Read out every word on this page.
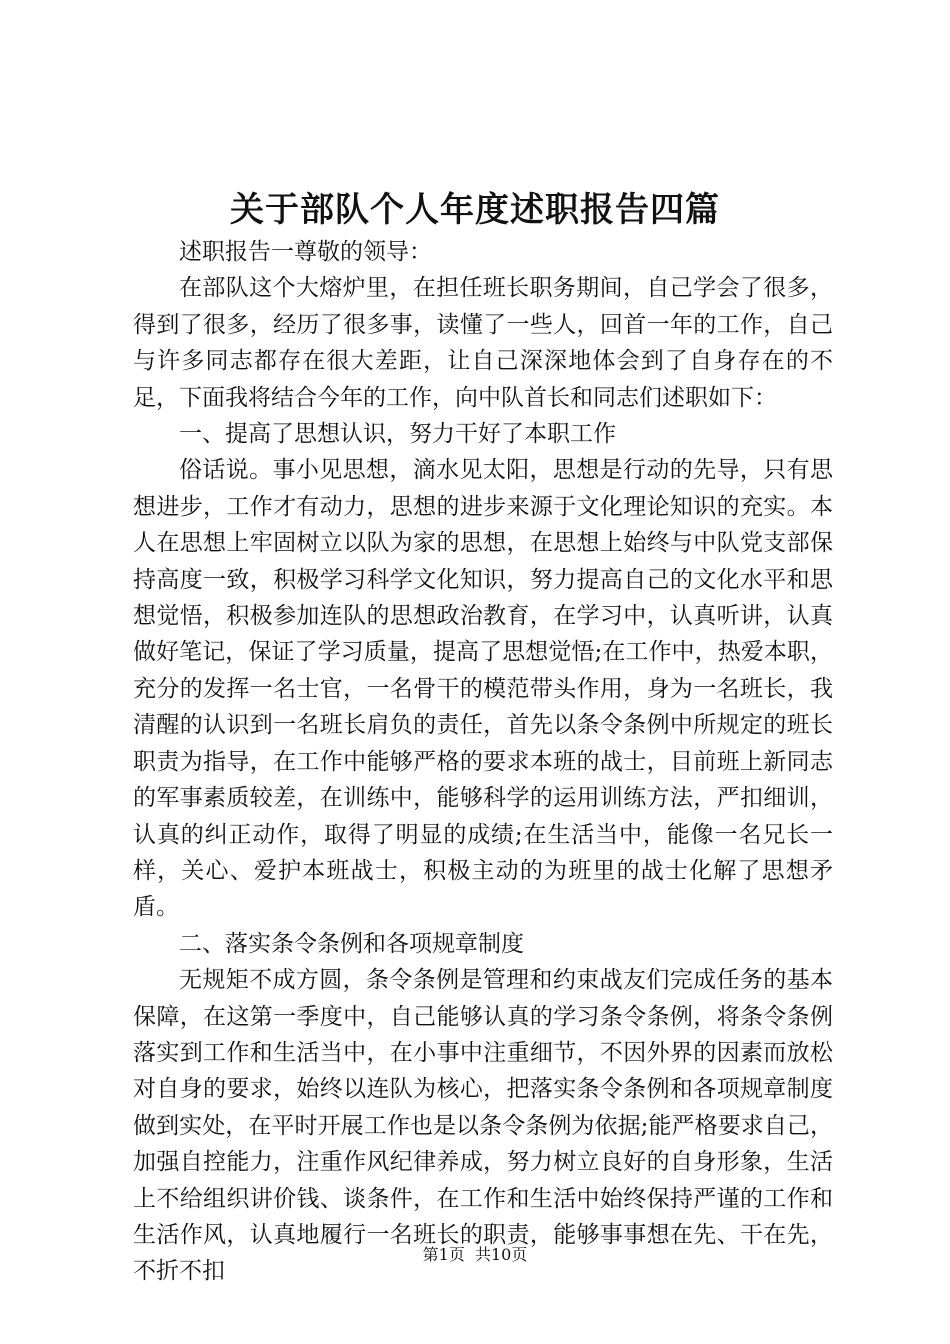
关于部队个人年度述职报告四篇

述职报告一尊敬的领导：

在部队这个大熔炉里，在担任班长职务期间，自己学会了很多，得到了很多，经历了很多事，读懂了一些人，回首一年的工作，自己与许多同志都存在很大差距，让自己深深地体会到了自身存在的不足，下面我将结合今年的工作，向中队首长和同志们述职如下：

一、提高了思想认识，努力干好了本职工作

俗话说。事小见思想，滴水见太阳，思想是行动的先导，只有思想进步，工作才有动力，思想的进步来源于文化理论知识的充实。本人在思想上牢固树立以队为家的思想，在思想上始终与中队党支部保持高度一致，积极学习科学文化知识，努力提高自己的文化水平和思想觉悟，积极参加连队的思想政治教育，在学习中，认真听讲，认真做好笔记，保证了学习质量，提高了思想觉悟;在工作中，热爱本职，充分的发挥一名士官，一名骨干的模范带头作用，身为一名班长，我清醒的认识到一名班长肩负的责任，首先以条令条例中所规定的班长职责为指导，在工作中能够严格的要求本班的战士，目前班上新同志的军事素质较差，在训练中，能够科学的运用训练方法，严扣细训，认真的纠正动作，取得了明显的成绩;在生活当中，能像一名兄长一样，关心、爱护本班战士，积极主动的为班里的战士化解了思想矛盾。

二、落实条令条例和各项规章制度

无规矩不成方圆，条令条例是管理和约束战友们完成任务的基本保障，在这第一季度中，自己能够认真的学习条令条例，将条令条例落实到工作和生活当中，在小事中注重细节，不因外界的因素而放松对自身的要求，始终以连队为核心，把落实条令条例和各项规章制度做到实处，在平时开展工作也是以条令条例为依据;能严格要求自己，加强自控能力，注重作风纪律养成，努力树立良好的自身形象，生活上不给组织讲价钱、谈条件，在工作和生活中始终保持严谨的工作和生活作风，认真地履行一名班长的职责，能够事事想在先、干在先，不折不扣

第1页  共10页
